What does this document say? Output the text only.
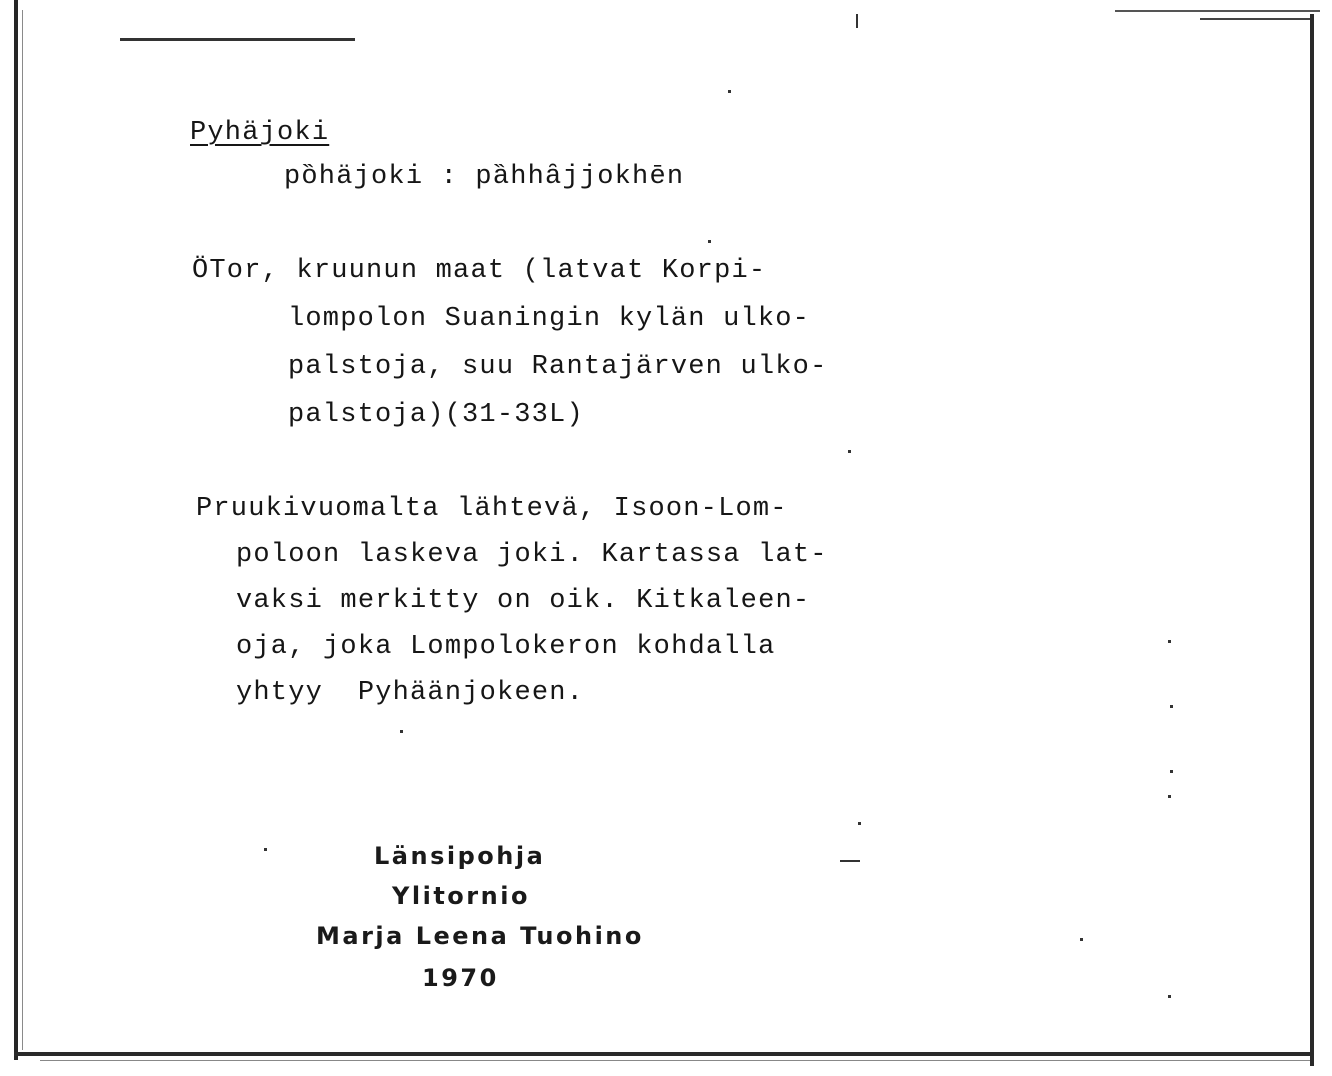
Pyhäjoki
pȍhäjoki : pȁhhȃjjokhēn
ÖTor, kruunun maat (latvat Korpi-
lompolon Suaningin kylän ulko-
palstoja, suu Rantajärven ulko-
palstoja)(31-33L)
Pruukivuomalta lähtevä, Isoon-Lom-
poloon laskeva joki. Kartassa lat-
vaksi merkitty on oik. Kitkaleen-
oja, joka Lompolokeron kohdalla
yhtyy  Pyhäänjokeen.
Länsipohja
Ylitornio
Marja Leena Tuohino
1970
